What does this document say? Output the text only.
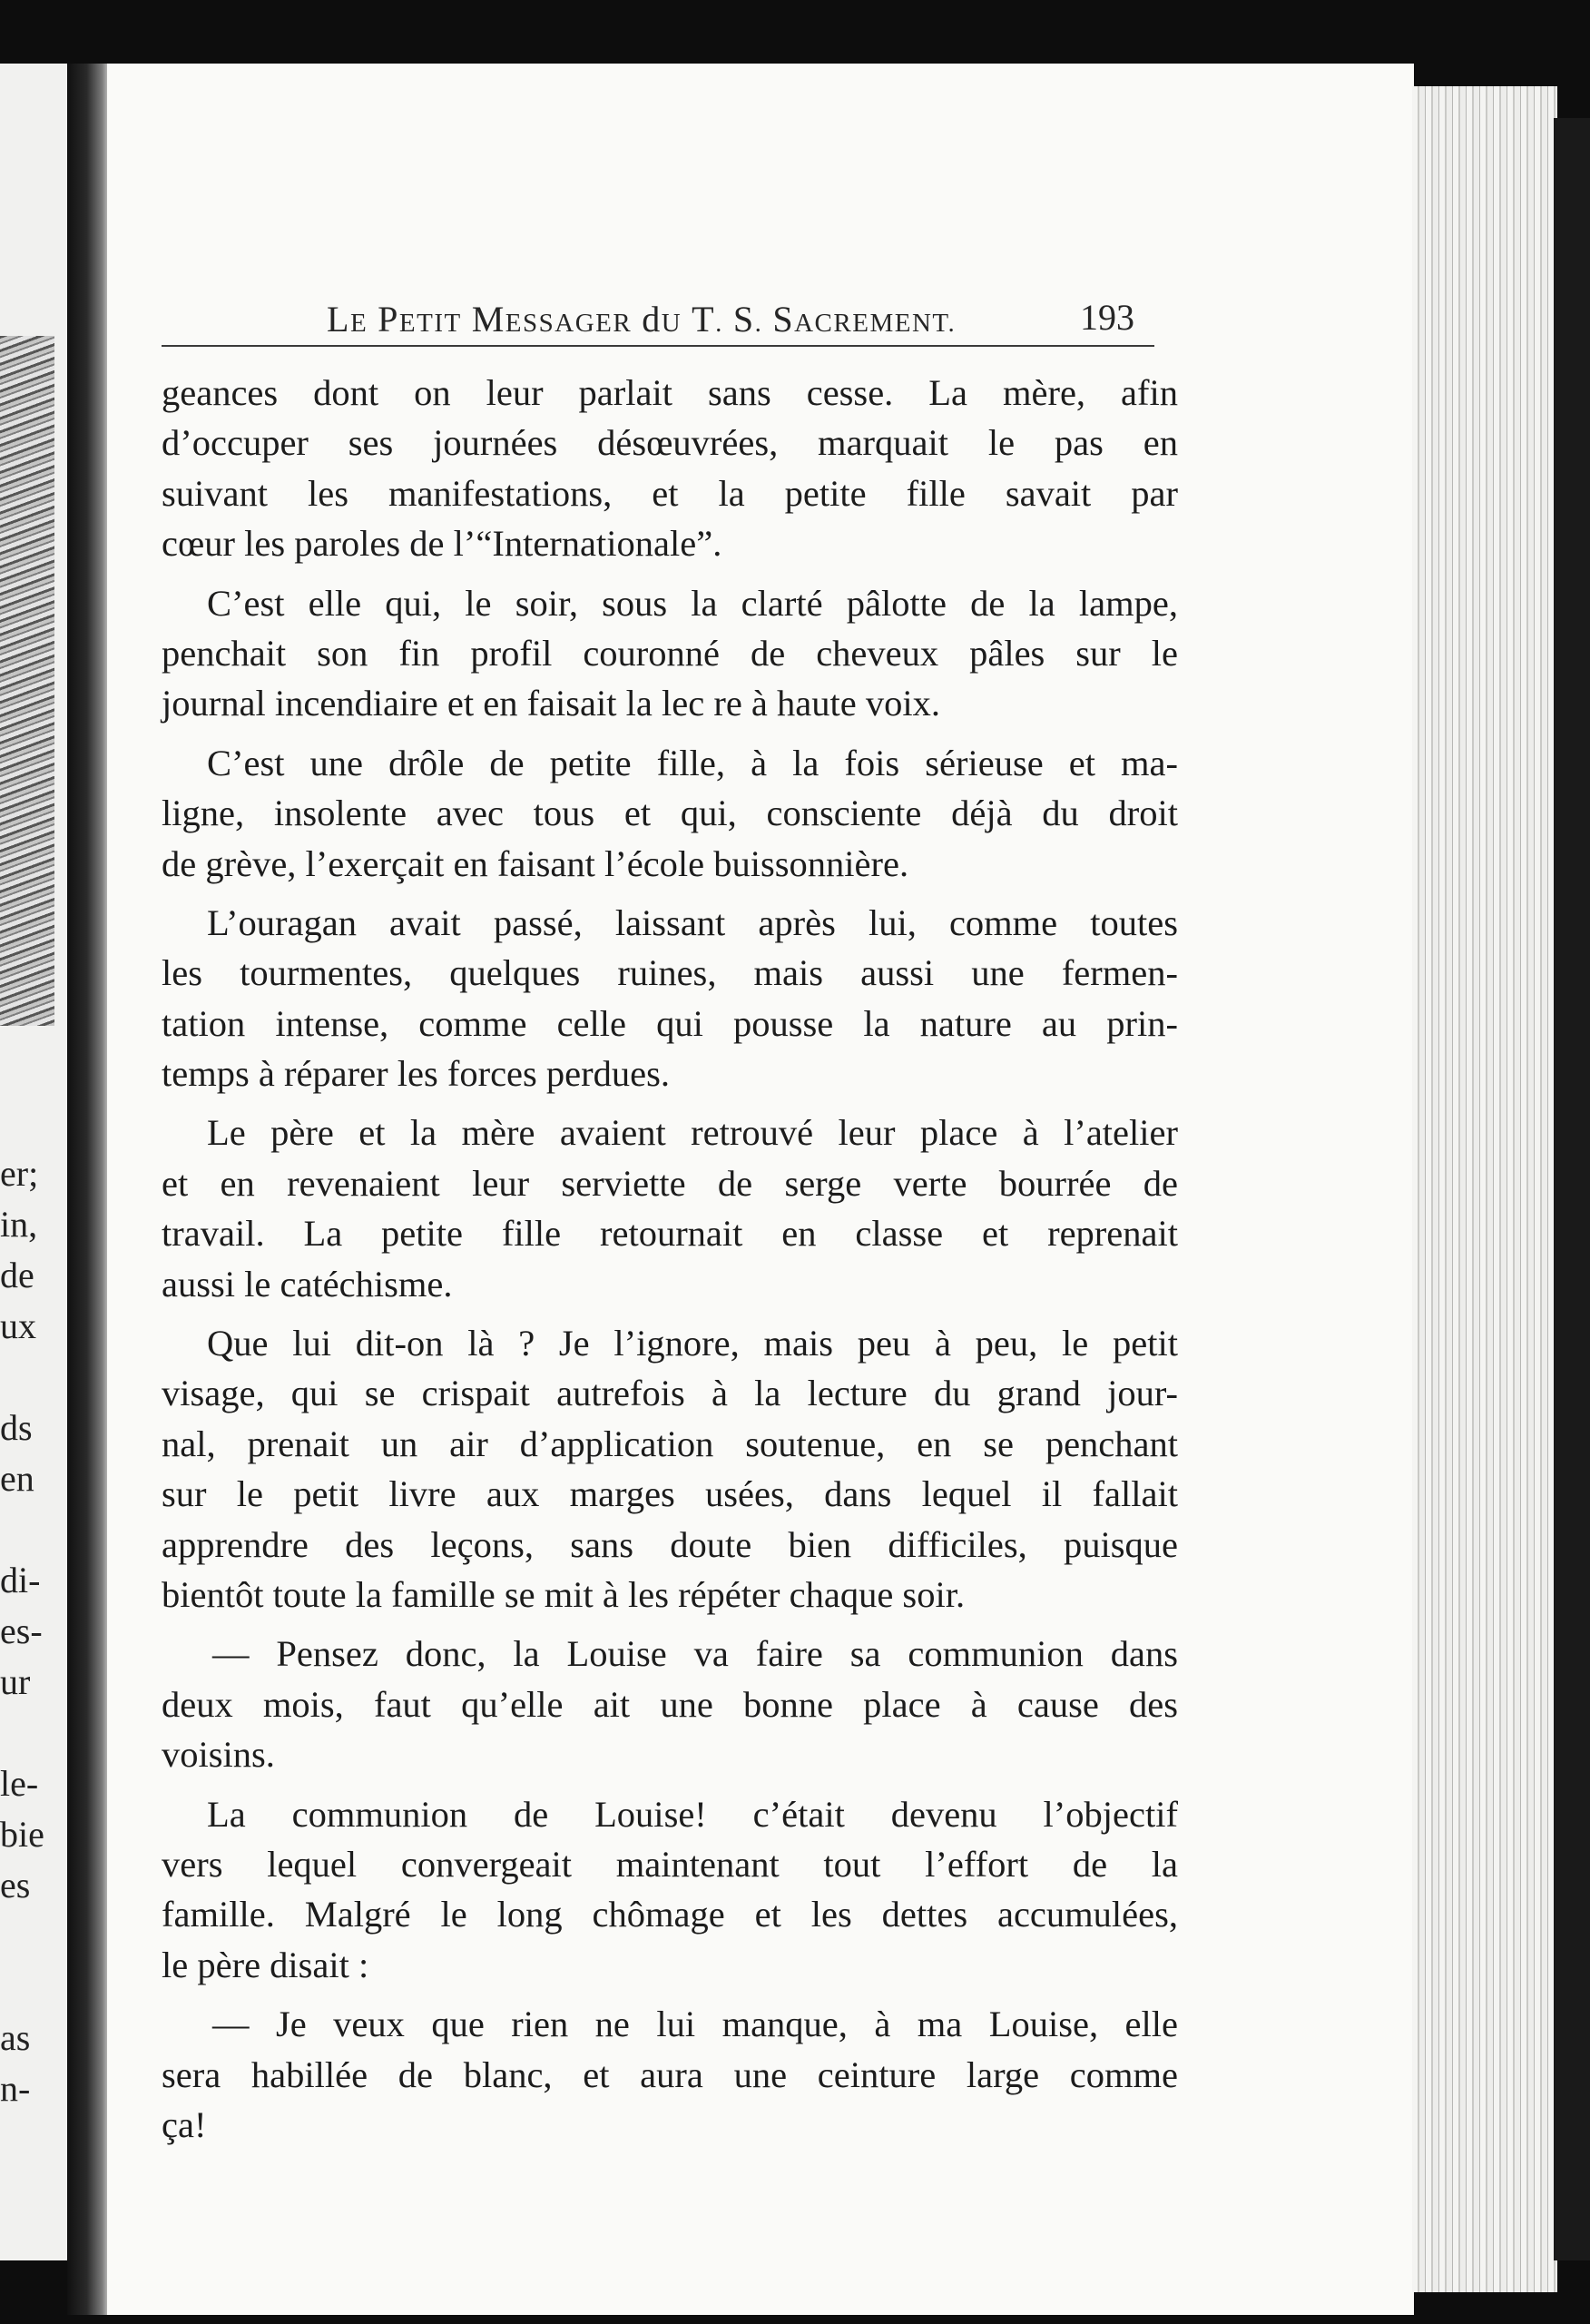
er;
in,
de
ux
ds
en
di-
es-
ur
le-
bie
es
as
n-
LE PETIT MESSAGER dU T. S. SACREMENT.	193
geances dont on leur parlait sans cesse. La mère, afin
d’occuper ses journées désœuvrées, marquait le pas en
suivant les manifestations, et la petite fille savait par
cœur les paroles de l’“Internationale”.
C’est elle qui, le soir, sous la clarté pâlotte de la lampe,
penchait son fin profil couronné de cheveux pâles sur le
journal incendiaire et en faisait la lec re à haute voix.
C’est une drôle de petite fille, à la fois sérieuse et ma-
ligne, insolente avec tous et qui, consciente déjà du droit
de grève, l’exerçait en faisant l’école buissonnière.
L’ouragan avait passé, laissant après lui, comme toutes
les tourmentes, quelques ruines, mais aussi une fermen-
tation intense, comme celle qui pousse la nature au prin-
temps à réparer les forces perdues.
Le père et la mère avaient retrouvé leur place à l’atelier
et en revenaient leur serviette de serge verte bourrée de
travail. La petite fille retournait en classe et reprenait
aussi le catéchisme.
Que lui dit-on là ? Je l’ignore, mais peu à peu, le petit
visage, qui se crispait autrefois à la lecture du grand jour-
nal, prenait un air d’application soutenue, en se penchant
sur le petit livre aux marges usées, dans lequel il fallait
apprendre des leçons, sans doute bien difficiles, puisque
bientôt toute la famille se mit à les répéter chaque soir.
— Pensez donc, la Louise va faire sa communion dans
deux mois, faut qu’elle ait une bonne place à cause des
voisins.
La communion de Louise! c’était devenu l’objectif
vers lequel convergeait maintenant tout l’effort de la
famille. Malgré le long chômage et les dettes accumulées,
le père disait :
— Je veux que rien ne lui manque, à ma Louise, elle
sera habillée de blanc, et aura une ceinture large comme
ça!
